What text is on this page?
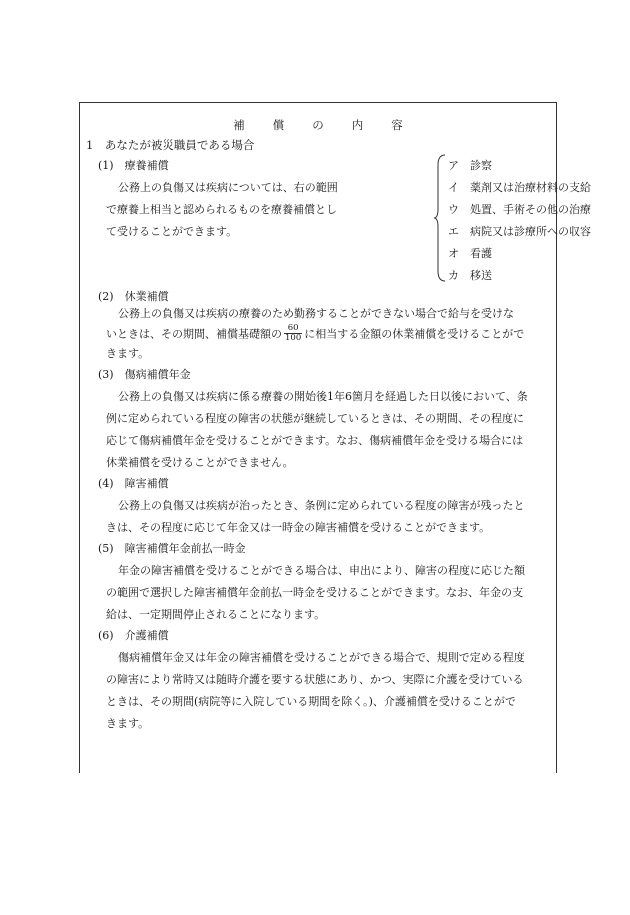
補 償 の 内 容
1　あなたが被災職員である場合
(1)　療養補償
公務上の負傷又は疾病については、右の範囲
で療養上相当と認められるものを療養補償とし
て受けることができます。
ア 診察
イ 薬剤又は治療材料の支給
ウ 処置、手術その他の治療
エ 病院又は診療所への収容
オ 看護
カ 移送
(2)　休業補償
公務上の負傷又は疾病の療養のため勤務することができない場合で給与を受けな
いときは、その期間、補償基礎額の $\frac{60}{100}$ に相当する金額の休業補償を受けることがで
きます。
(3)　傷病補償年金
公務上の負傷又は疾病に係る療養の開始後1年6箇月を経過した日以後において、条
例に定められている程度の障害の状態が継続しているときは、その期間、その程度に
応じて傷病補償年金を受けることができます。なお、傷病補償年金を受ける場合には
休業補償を受けることができません。
(4)　障害補償
公務上の負傷又は疾病が治ったとき、条例に定められている程度の障害が残ったと
きは、その程度に応じて年金又は一時金の障害補償を受けることができます。
(5)　障害補償年金前払一時金
年金の障害補償を受けることができる場合は、申出により、障害の程度に応じた額
の範囲で選択した障害補償年金前払一時金を受けることができます。なお、年金の支
給は、一定期間停止されることになります。
(6)　介護補償
傷病補償年金又は年金の障害補償を受けることができる場合で、規則で定める程度
の障害により常時又は随時介護を要する状態にあり、かつ、実際に介護を受けている
ときは、その期間(病院等に入院している期間を除く。)、介護補償を受けることがで
きます。
